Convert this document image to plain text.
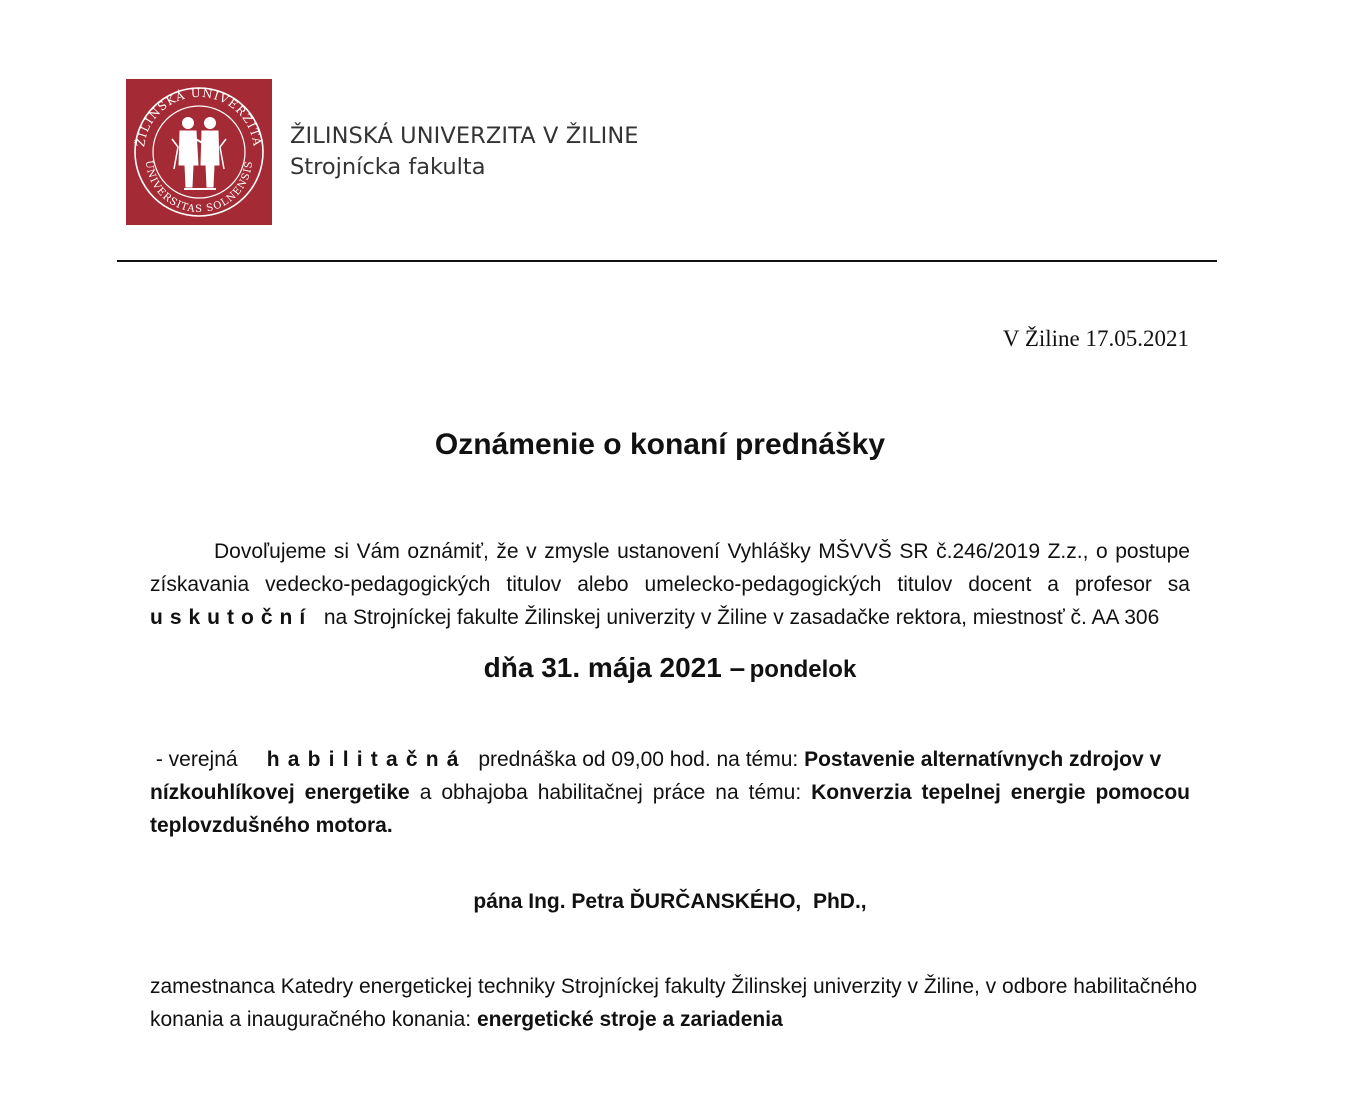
ŽILINSKÁ UNIVERZITA
UNIVERSITAS SOLNENSIS
ŽILINSKÁ UNIVERZITA V ŽILINE
Strojnícka fakulta
V Žiline 17.05.2021
Oznámenie o konaní prednášky
Dovoľujeme si Vám oznámiť, že v zmysle ustanovení Vyhlášky MŠVVŠ SR č.246/2019 Z.z., o postupe
získavania vedecko-pedagogických titulov alebo umelecko-pedagogických titulov docent a profesor sa
uskutoční na Strojníckej fakulte Žilinskej univerzity v Žiline v zasadačke rektora, miestnosť č. AA 306
dňa 31. mája 2021 – pondelok
- verejná habilitačná prednáška od 09,00 hod. na tému: Postavenie alternatívnych zdrojov v
nízkouhlíkovej energetike a obhajoba habilitačnej práce na tému: Konverzia tepelnej energie pomocou
teplovzdušného motora.
pána Ing. Petra ĎURČANSKÉHO,  PhD.,
zamestnanca Katedry energetickej techniky Strojníckej fakulty Žilinskej univerzity v Žiline, v odbore habilitačného
konania a inauguračného konania: energetické stroje a zariadenia
